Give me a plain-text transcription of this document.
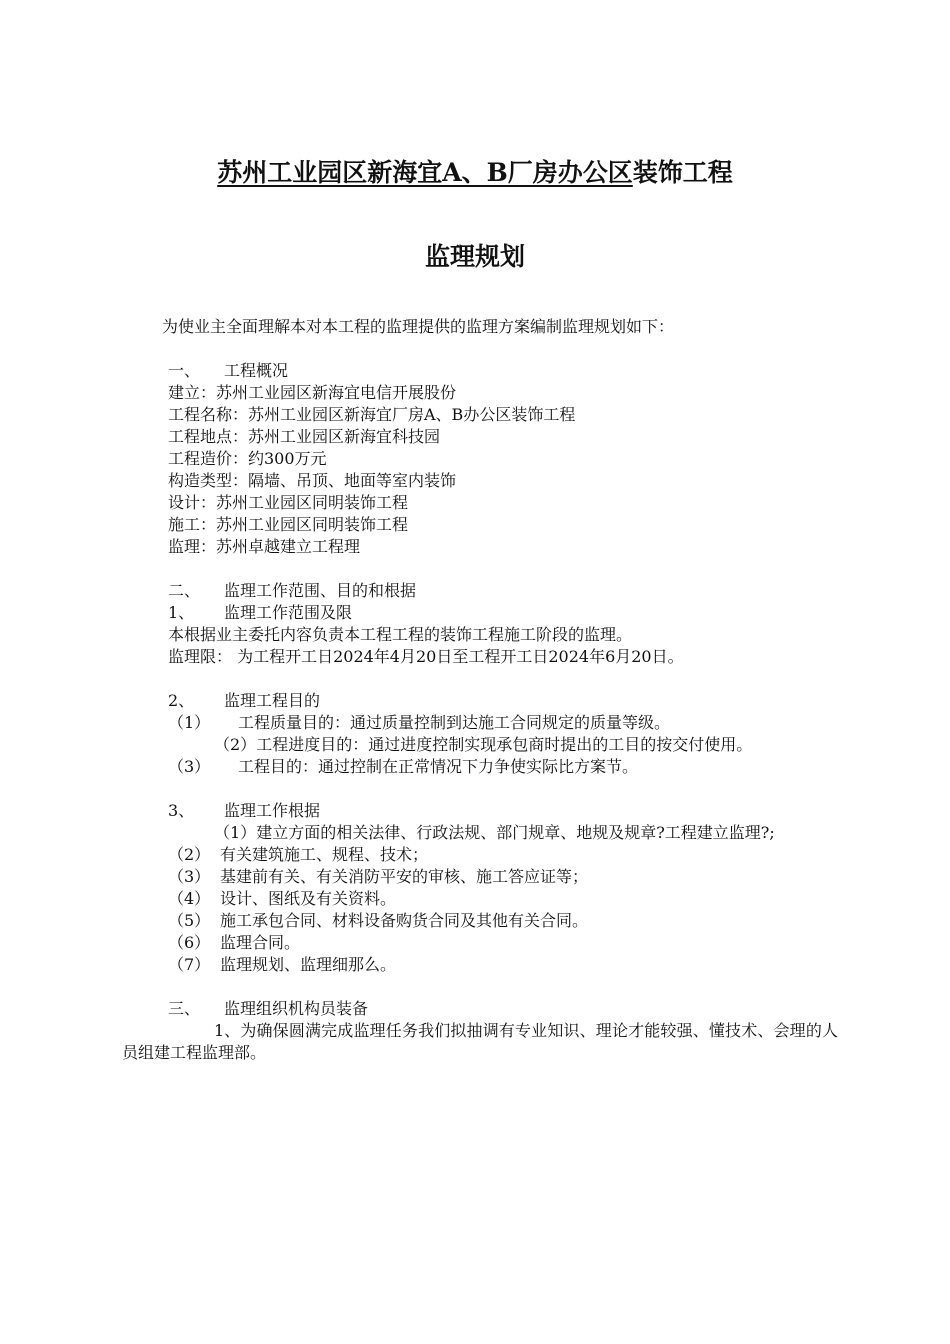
苏州工业园区新海宜A、B厂房办公区装饰工程
监理规划

为使业主全面理解本对本工程的监理提供的监理方案编制监理规划如下：

一、 工程概况

建立：苏州工业园区新海宜电信开展股份

工程名称：苏州工业园区新海宜厂房A、B办公区装饰工程

工程地点：苏州工业园区新海宜科技园

工程造价：约300万元

构造类型：隔墙、吊顶、地面等室内装饰

设计：苏州工业园区同明装饰工程

施工：苏州工业园区同明装饰工程

监理：苏州卓越建立工程理

二、 监理工作范围、目的和根据

1、 监理工作范围及限

本根据业主委托内容负责本工程工程的装饰工程施工阶段的监理。

监理限： 为工程开工日2024年4月20日至工程开工日2024年6月20日。

2、 监理工程目的

（1） 工程质量目的：通过质量控制到达施工合同规定的质量等级。

（2）工程进度目的：通过进度控制实现承包商时提出的工目的按交付使用。

（3） 工程目的：通过控制在正常情况下力争使实际比方案节。

3、 监理工作根据

（1）建立方面的相关法律、行政法规、部门规章、地规及规章?工程建立监理?;

（2） 有关建筑施工、规程、技术；

（3） 基建前有关、有关消防平安的审核、施工答应证等；

（4） 设计、图纸及有关资料。

（5） 施工承包合同、材料设备购货合同及其他有关合同。

（6） 监理合同。

（7） 监理规划、监理细那么。

三、 监理组织机构员装备

1、为确保圆满完成监理任务我们拟抽调有专业知识、理论才能较强、懂技术、会理的人员组建工程监理部。
